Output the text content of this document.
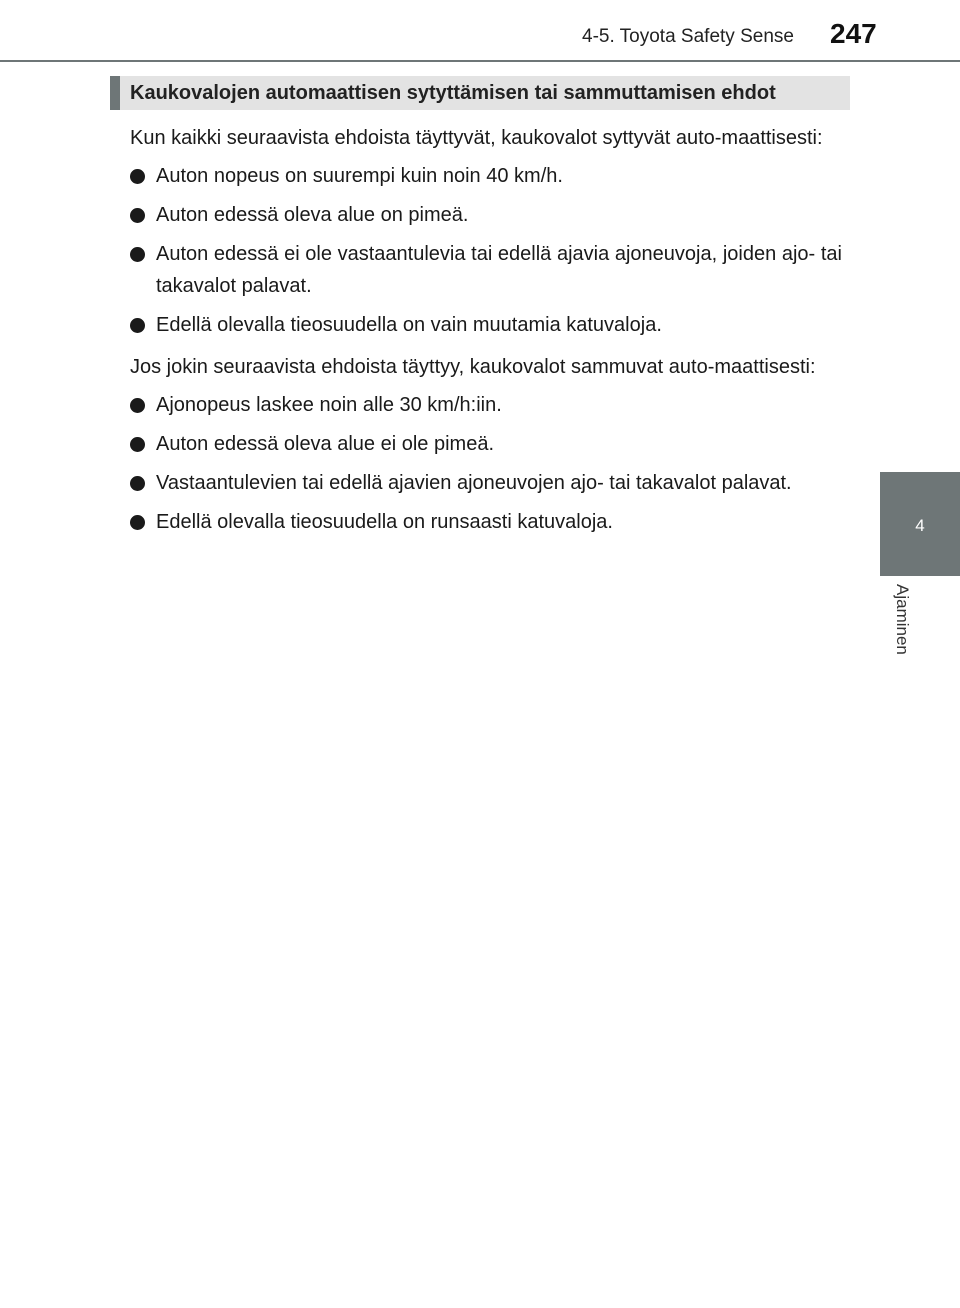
4-5. Toyota Safety Sense 247
4
Ajaminen
Kaukovalojen automaattisen sytyttämisen tai sammuttamisen ehdot

Kun kaikki seuraavista ehdoista täyttyvät, kaukovalot syttyvät auto-maattisesti:

Auton nopeus on suurempi kuin noin 40 km/h.
Auton edessä oleva alue on pimeä.
Auton edessä ei ole vastaantulevia tai edellä ajavia ajoneuvoja, joiden ajo- tai takavalot palavat.
Edellä olevalla tieosuudella on vain muutamia katuvaloja.

Jos jokin seuraavista ehdoista täyttyy, kaukovalot sammuvat auto-maattisesti:

Ajonopeus laskee noin alle 30 km/h:iin.
Auton edessä oleva alue ei ole pimeä.
Vastaantulevien tai edellä ajavien ajoneuvojen ajo- tai takavalot palavat.
Edellä olevalla tieosuudella on runsaasti katuvaloja.
